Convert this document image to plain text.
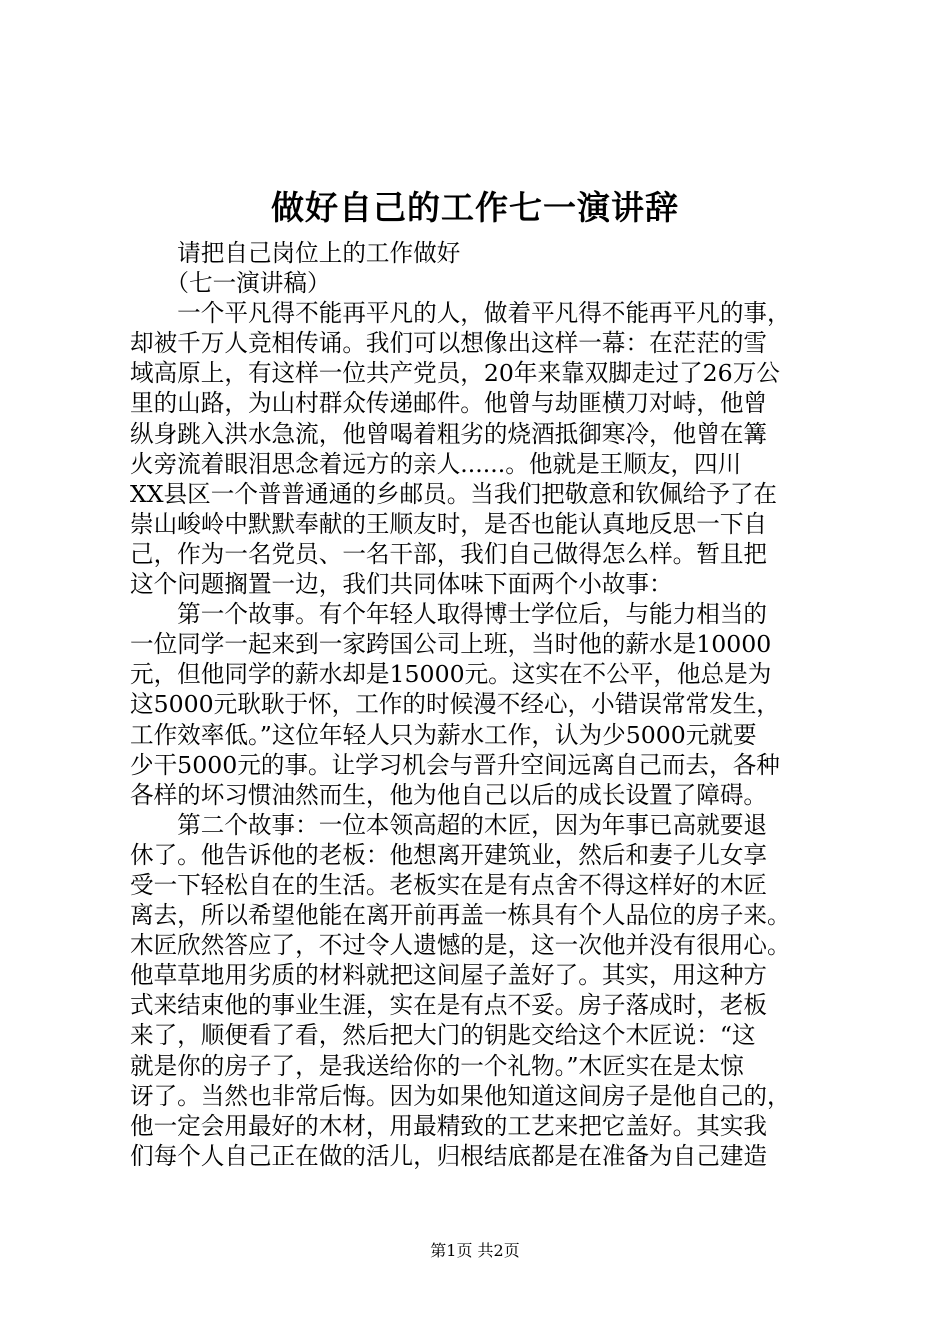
做好自己的工作七一演讲辞
　　请把自己岗位上的工作做好
　　（七一演讲稿）
　　一个平凡得不能再平凡的人，做着平凡得不能再平凡的事，
却被千万人竞相传诵。我们可以想像出这样一幕：在茫茫的雪
域高原上，有这样一位共产党员，20年来靠双脚走过了26万公
里的山路，为山村群众传递邮件。他曾与劫匪横刀对峙，他曾
纵身跳入洪水急流，他曾喝着粗劣的烧酒抵御寒冷，他曾在篝
火旁流着眼泪思念着远方的亲人......。他就是王顺友，四川
XX县区一个普普通通的乡邮员。当我们把敬意和钦佩给予了在
崇山峻岭中默默奉献的王顺友时，是否也能认真地反思一下自
己，作为一名党员、一名干部，我们自己做得怎么样。暂且把
这个问题搁置一边，我们共同体味下面两个小故事：
　　第一个故事。有个年轻人取得博士学位后，与能力相当的
一位同学一起来到一家跨国公司上班，当时他的薪水是10000
元，但他同学的薪水却是15000元。这实在不公平，他总是为
这5000元耿耿于怀，工作的时候漫不经心，小错误常常发生，
工作效率低。”这位年轻人只为薪水工作，认为少5000元就要
少干5000元的事。让学习机会与晋升空间远离自己而去，各种
各样的坏习惯油然而生，他为他自己以后的成长设置了障碍。
　　第二个故事：一位本领高超的木匠，因为年事已高就要退
休了。他告诉他的老板：他想离开建筑业，然后和妻子儿女享
受一下轻松自在的生活。老板实在是有点舍不得这样好的木匠
离去，所以希望他能在离开前再盖一栋具有个人品位的房子来。
木匠欣然答应了，不过令人遗憾的是，这一次他并没有很用心。
他草草地用劣质的材料就把这间屋子盖好了。其实，用这种方
式来结束他的事业生涯，实在是有点不妥。房子落成时，老板
来了，顺便看了看，然后把大门的钥匙交给这个木匠说：“这
就是你的房子了，是我送给你的一个礼物。”木匠实在是太惊
讶了。当然也非常后悔。因为如果他知道这间房子是他自己的，
他一定会用最好的木材，用最精致的工艺来把它盖好。其实我
们每个人自己正在做的活儿，归根结底都是在准备为自己建造
第1页 共2页
